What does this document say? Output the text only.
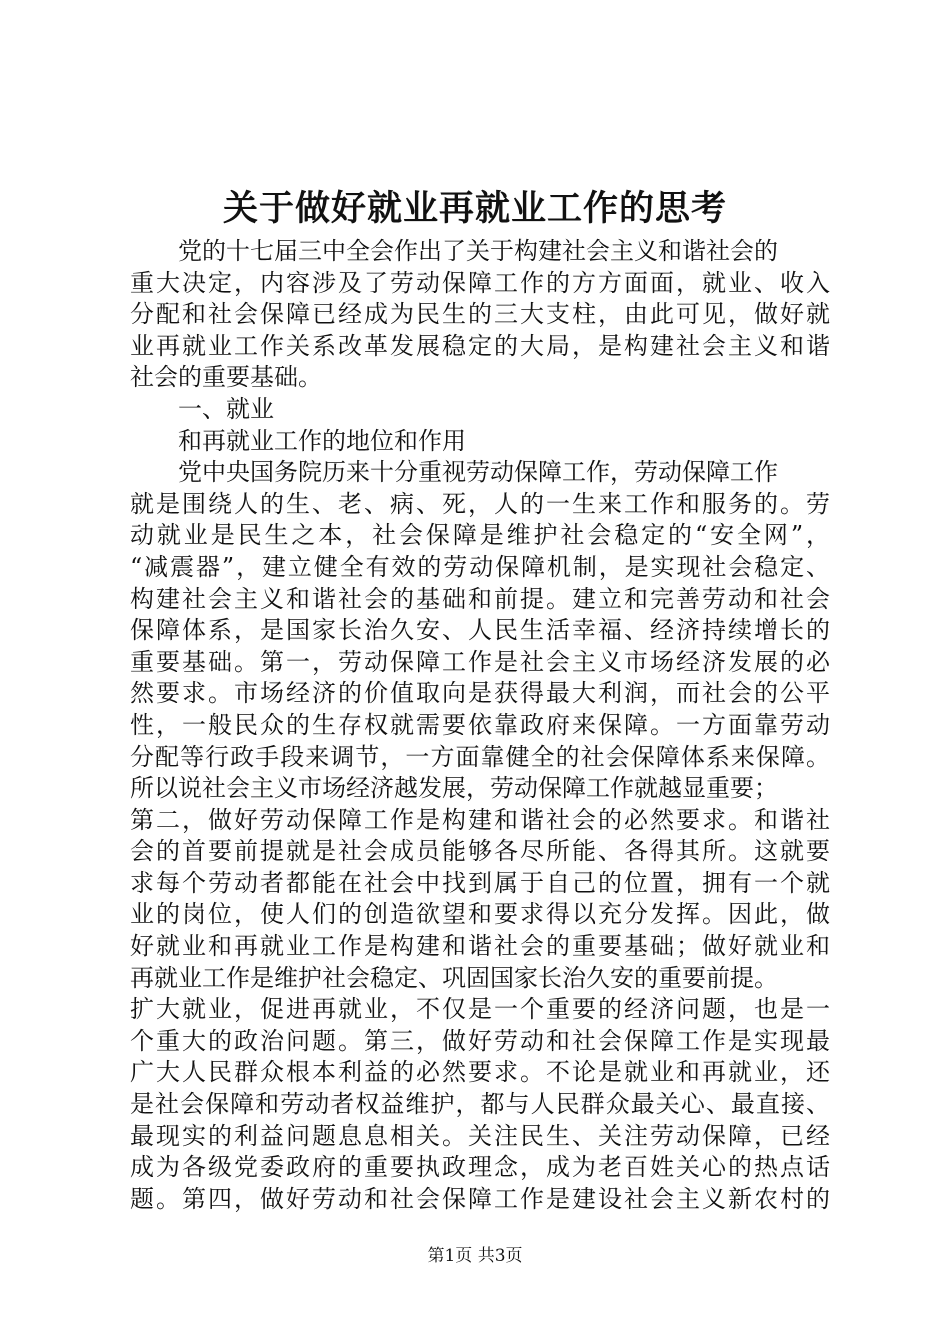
关于做好就业再就业工作的思考
党的十七届三中全会作出了关于构建社会主义和谐社会的
重大决定，内容涉及了劳动保障工作的方方面面，就业、收入
分配和社会保障已经成为民生的三大支柱，由此可见，做好就
业再就业工作关系改革发展稳定的大局，是构建社会主义和谐
社会的重要基础。
一、就业
和再就业工作的地位和作用
党中央国务院历来十分重视劳动保障工作，劳动保障工作
就是围绕人的生、老、病、死，人的一生来工作和服务的。劳
动就业是民生之本，社会保障是维护社会稳定的“安全网”，
“减震器”，建立健全有效的劳动保障机制，是实现社会稳定、
构建社会主义和谐社会的基础和前提。建立和完善劳动和社会
保障体系，是国家长治久安、人民生活幸福、经济持续增长的
重要基础。第一，劳动保障工作是社会主义市场经济发展的必
然要求。市场经济的价值取向是获得最大利润，而社会的公平
性，一般民众的生存权就需要依靠政府来保障。一方面靠劳动
分配等行政手段来调节，一方面靠健全的社会保障体系来保障。
所以说社会主义市场经济越发展，劳动保障工作就越显重要；
第二，做好劳动保障工作是构建和谐社会的必然要求。和谐社
会的首要前提就是社会成员能够各尽所能、各得其所。这就要
求每个劳动者都能在社会中找到属于自己的位置，拥有一个就
业的岗位，使人们的创造欲望和要求得以充分发挥。因此，做
好就业和再就业工作是构建和谐社会的重要基础；做好就业和
再就业工作是维护社会稳定、巩固国家长治久安的重要前提。
扩大就业，促进再就业，不仅是一个重要的经济问题，也是一
个重大的政治问题。第三，做好劳动和社会保障工作是实现最
广大人民群众根本利益的必然要求。不论是就业和再就业，还
是社会保障和劳动者权益维护，都与人民群众最关心、最直接、
最现实的利益问题息息相关。关注民生、关注劳动保障，已经
成为各级党委政府的重要执政理念，成为老百姓关心的热点话
题。第四，做好劳动和社会保障工作是建设社会主义新农村的
第1页 共3页
